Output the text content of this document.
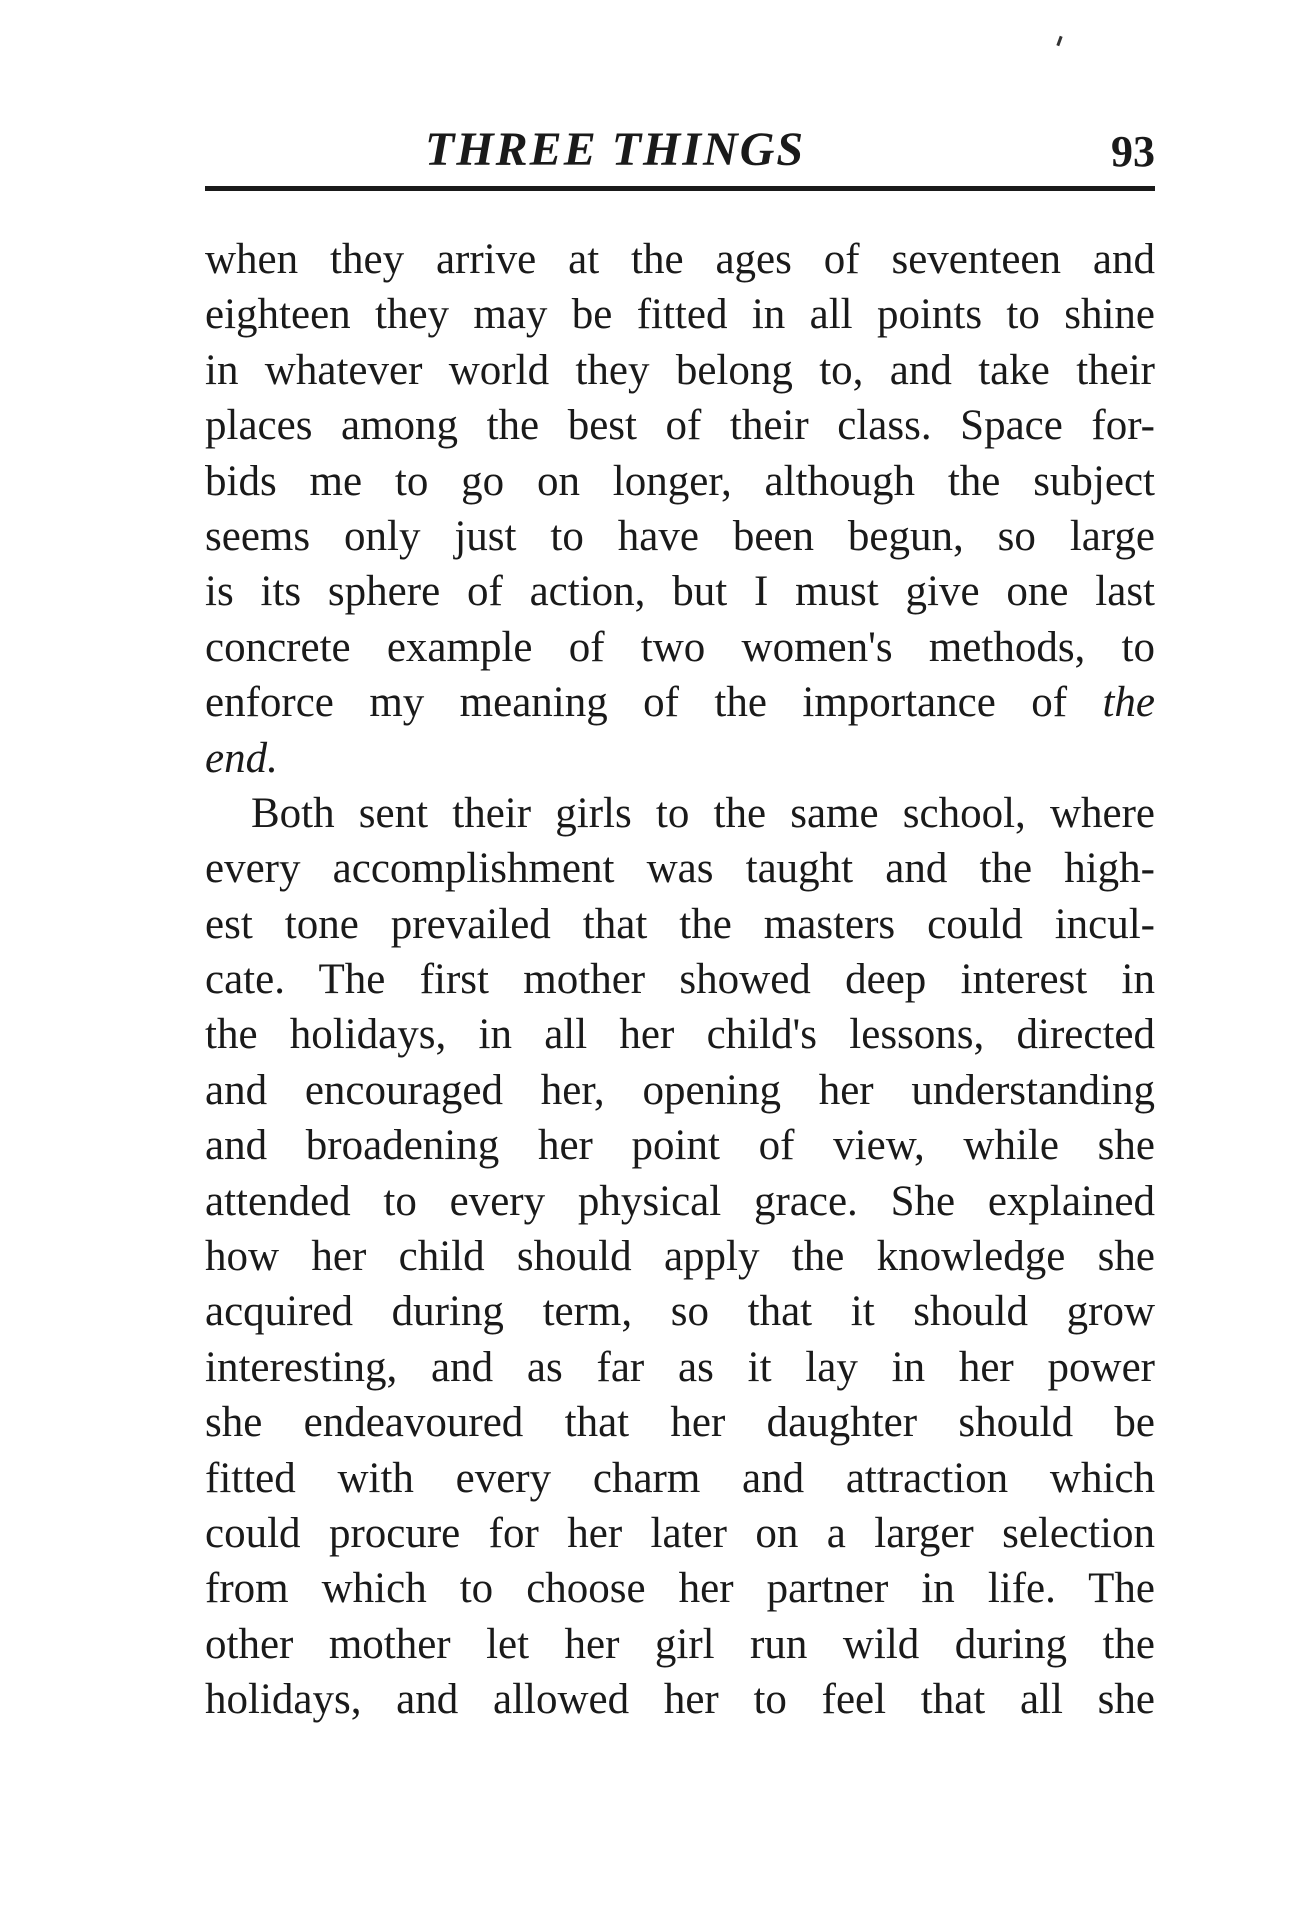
THREE THINGS	93
when they arrive at the ages of seventeen and
eighteen they may be fitted in all points to shine
in whatever world they belong to, and take their
places among the best of their class. Space for-
bids me to go on longer, although the subject
seems only just to have been begun, so large
is its sphere of action, but I must give one last
concrete example of two women's methods, to
enforce my meaning of the importance of the
end.
Both sent their girls to the same school, where
every accomplishment was taught and the high-
est tone prevailed that the masters could incul-
cate. The first mother showed deep interest in
the holidays, in all her child's lessons, directed
and encouraged her, opening her understanding
and broadening her point of view, while she
attended to every physical grace. She explained
how her child should apply the knowledge she
acquired during term, so that it should grow
interesting, and as far as it lay in her power
she endeavoured that her daughter should be
fitted with every charm and attraction which
could procure for her later on a larger selection
from which to choose her partner in life. The
other mother let her girl run wild during the
holidays, and allowed her to feel that all she
